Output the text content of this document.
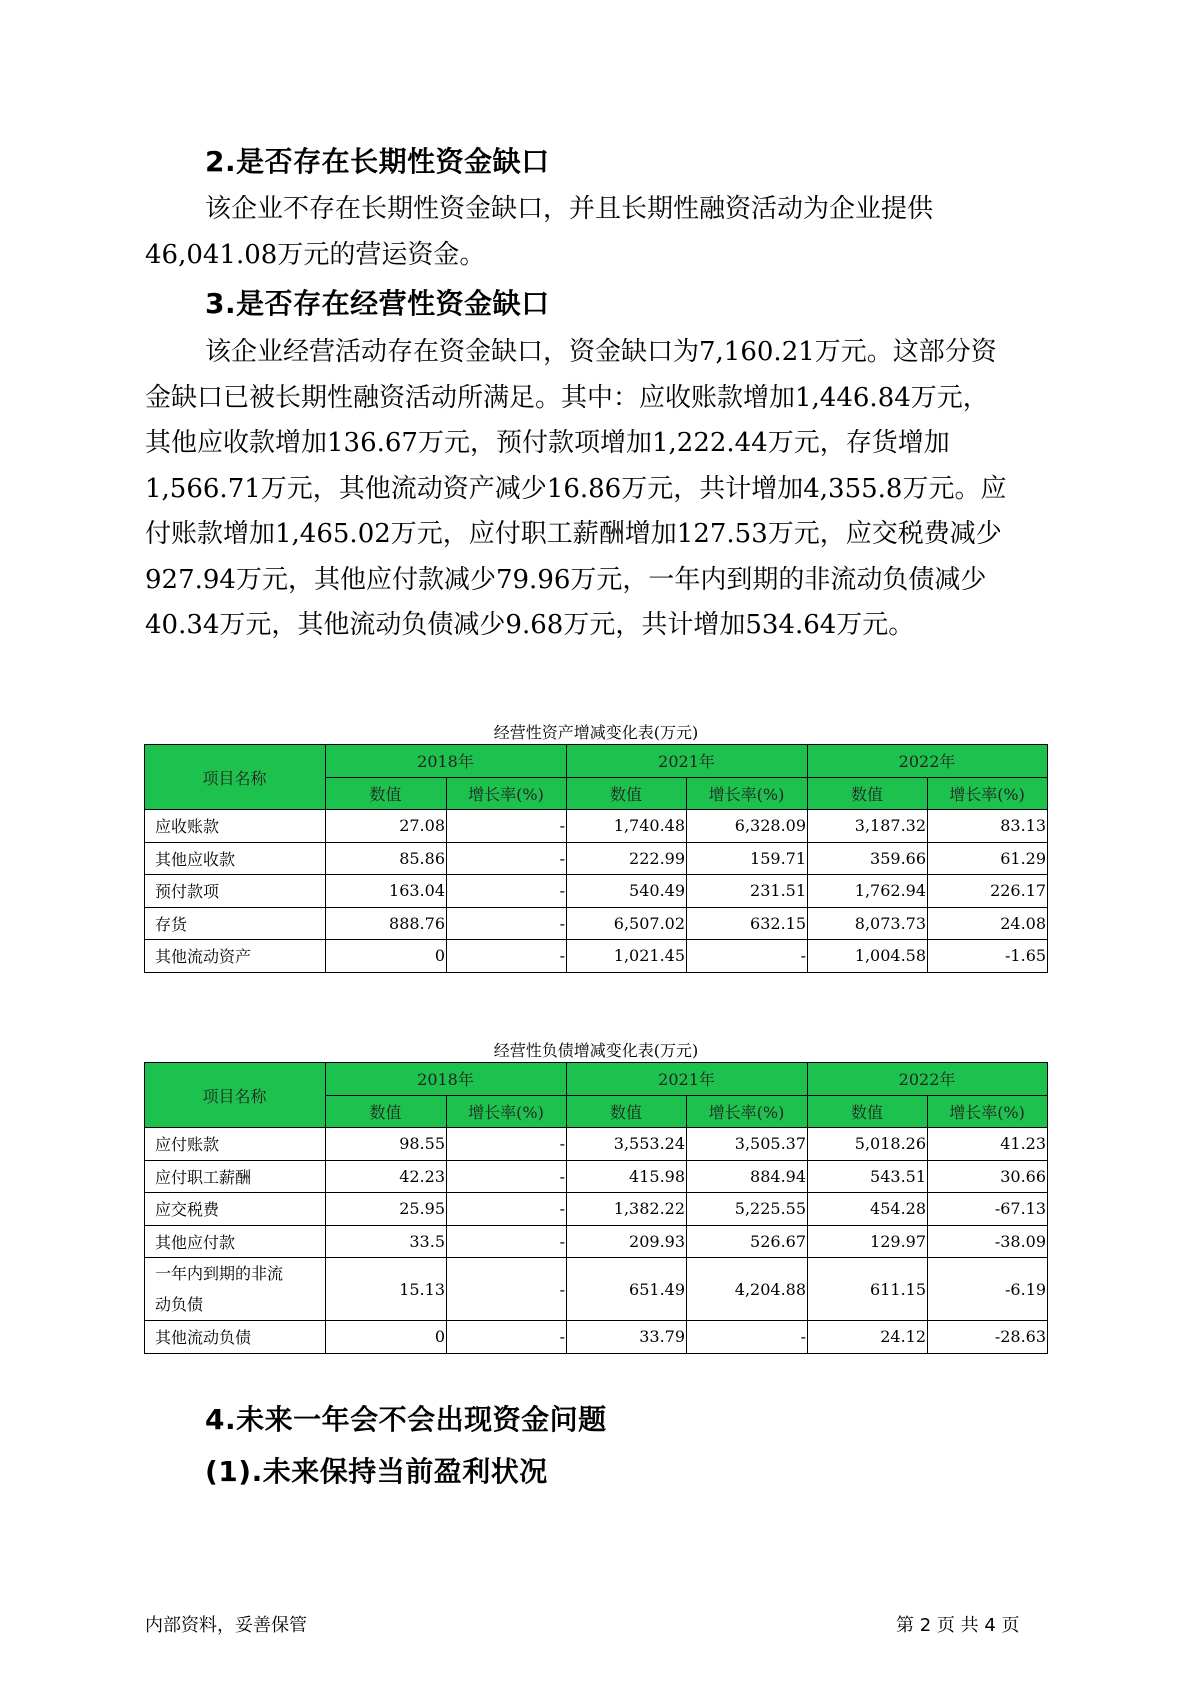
2.是否存在长期性资金缺口

该企业不存在长期性资金缺口，并且长期性融资活动为企业提供
46,041.08万元的营运资金。

3.是否存在经营性资金缺口

该企业经营活动存在资金缺口，资金缺口为7,160.21万元。这部分资
金缺口已被长期性融资活动所满足。其中：应收账款增加1,446.84万元，
其他应收款增加136.67万元，预付款项增加1,222.44万元，存货增加
1,566.71万元，其他流动资产减少16.86万元，共计增加4,355.8万元。应
付账款增加1,465.02万元，应付职工薪酬增加127.53万元，应交税费减少
927.94万元，其他应付款减少79.96万元，一年内到期的非流动负债减少
40.34万元，其他流动负债减少9.68万元，共计增加534.64万元。

经营性资产增减变化表(万元)
项目名称	2018年		2021年		2022年	
	数值	增长率(%)	数值	增长率(%)	数值	增长率(%)
应收账款	27.08	-	1,740.48	6,328.09	3,187.32	83.13
其他应收款	85.86	-	222.99	159.71	359.66	61.29
预付款项	163.04	-	540.49	231.51	1,762.94	226.17
存货	888.76	-	6,507.02	632.15	8,073.73	24.08
其他流动资产	0	-	1,021.45	-	1,004.58	-1.65
经营性负债增减变化表(万元)
项目名称	2018年		2021年		2022年	
	数值	增长率(%)	数值	增长率(%)	数值	增长率(%)
应付账款	98.55	-	3,553.24	3,505.37	5,018.26	41.23
应付职工薪酬	42.23	-	415.98	884.94	543.51	30.66
应交税费	25.95	-	1,382.22	5,225.55	454.28	-67.13
其他应付款	33.5	-	209.93	526.67	129.97	-38.09

一年内到期的非流
动负债	15.13	-	651.49	4,204.88	611.15	-6.19
其他流动负债	0	-	33.79	-	24.12	-28.63
4.未来一年会不会出现资金问题
(1).未来保持当前盈利状况
内部资料，妥善保管	第 2 页 共 4 页
